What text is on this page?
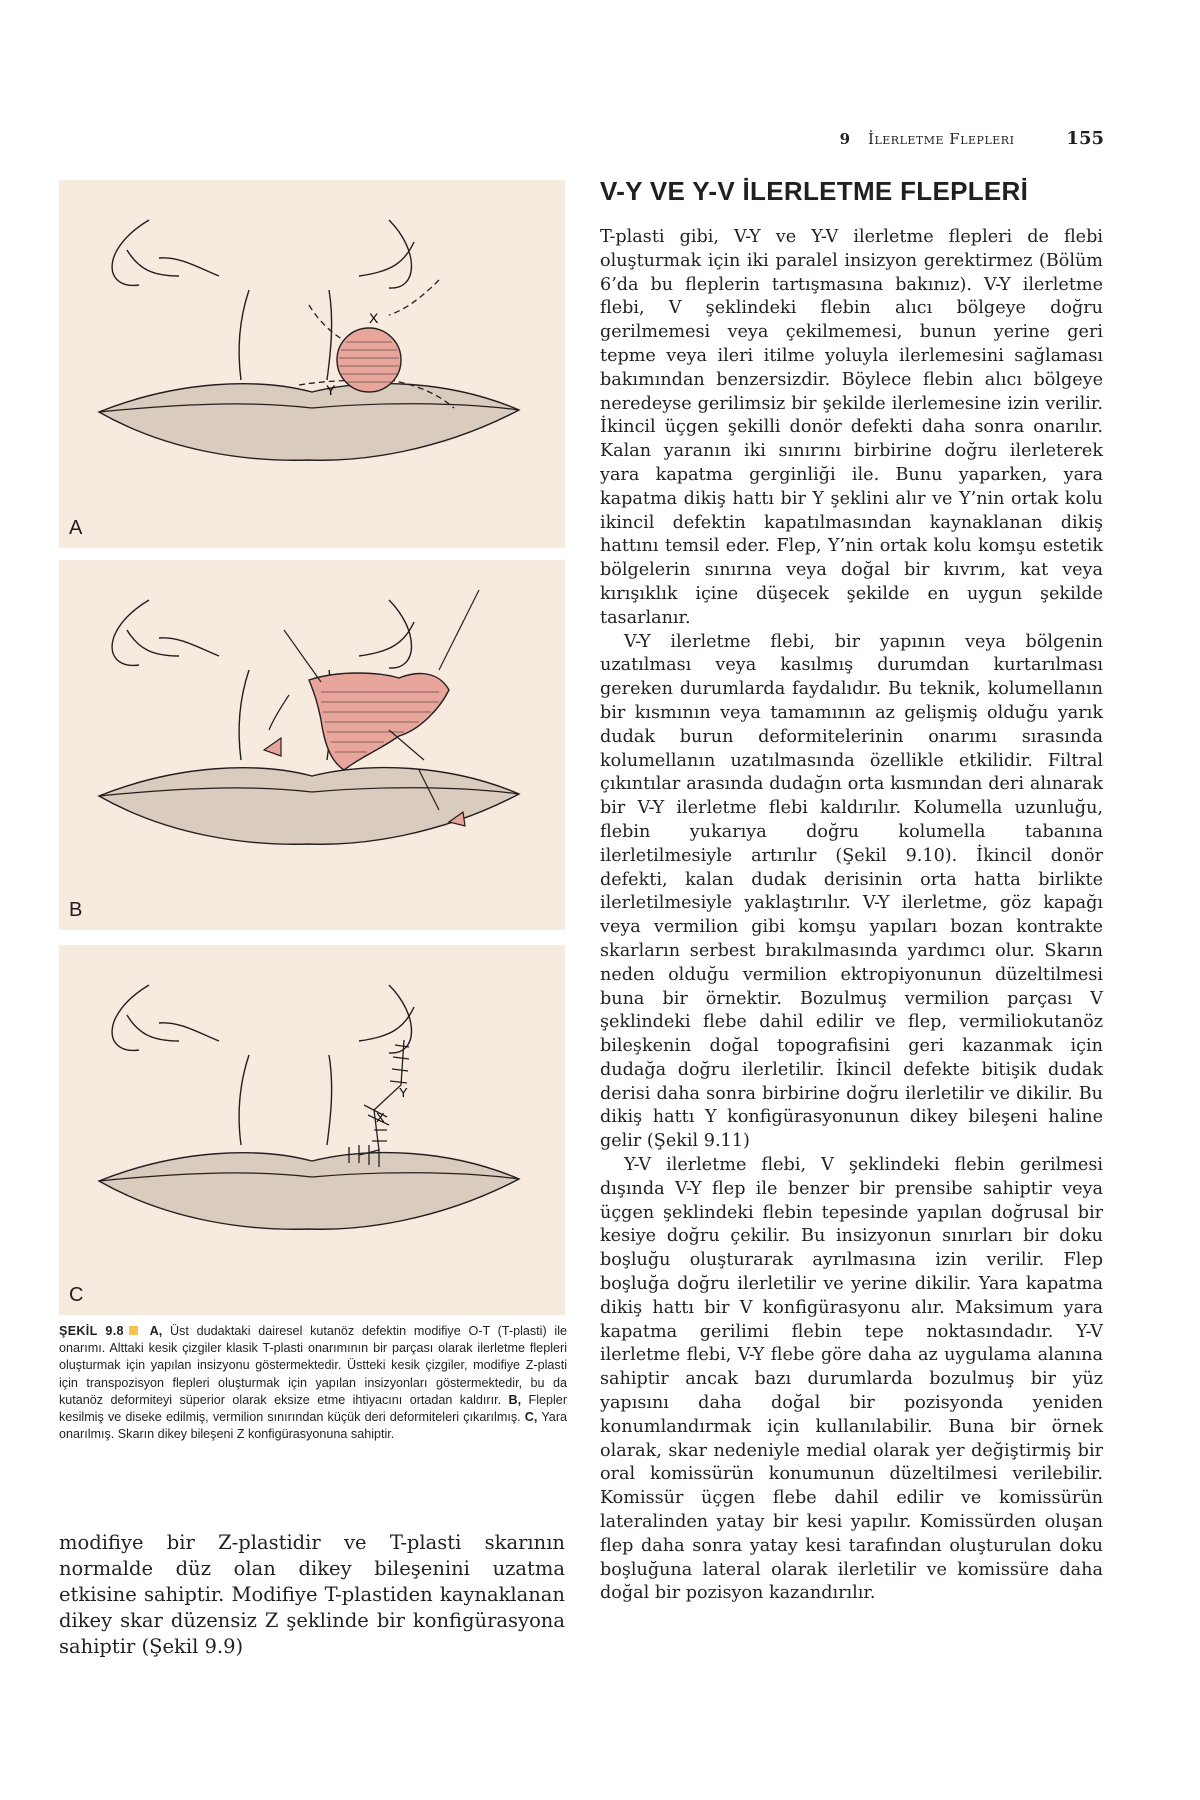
9 İlerletme Flepleri	155
X
Y
A
B
Y
X
C
ŞEKİL 9.8 A, Üst dudaktaki dairesel kutanöz defektin modifiye O-T (T-plasti) ile onarımı. Alttaki kesik çizgiler klasik T-plasti onarımının bir parçası olarak ilerletme flepleri oluşturmak için yapılan insizyonu göstermektedir. Üstteki kesik çizgiler, modifiye Z-plasti için transpozisyon flepleri oluşturmak için yapılan insizyonları göstermektedir, bu da kutanöz deformiteyi süperior olarak eksize etme ihtiyacını ortadan kaldırır. B, Flepler kesilmiş ve diseke edilmiş, vermilion sınırından küçük deri deformiteleri çıkarılmış. C, Yara onarılmış. Skarın dikey bileşeni Z konfigürasyonuna sahiptir.
modifiye bir Z-plastidir ve T-plasti skarının normalde düz olan dikey bileşenini uzatma etkisine sahiptir. Modifiye T-plastiden kaynaklanan dikey skar düzensiz Z şeklinde bir konfigürasyona sahiptir (Şekil 9.9)
V-Y VE Y-V İLERLETME FLEPLERİ

T-plasti gibi, V-Y ve Y-V ilerletme flepleri de flebi oluşturmak için iki paralel insizyon gerektirmez (Bölüm 6’da bu fleplerin tartışmasına bakınız). V-Y ilerletme flebi, V şeklindeki flebin alıcı bölgeye doğru gerilmemesi veya çekilmemesi, bunun yerine geri tepme veya ileri itilme yoluyla ilerlemesini sağlaması bakımından benzersizdir. Böylece flebin alıcı bölgeye neredeyse gerilimsiz bir şekilde ilerlemesine izin verilir. İkincil üçgen şekilli donör defekti daha sonra onarılır. Kalan yaranın iki sınırını birbirine doğru ilerleterek yara kapatma gerginliği ile. Bunu yaparken, yara kapatma dikiş hattı bir Y şeklini alır ve Y’nin ortak kolu ikincil defektin kapatılmasından kaynaklanan dikiş hattını temsil eder. Flep, Y’nin ortak kolu komşu estetik bölgelerin sınırına veya doğal bir kıvrım, kat veya kırışıklık içine düşecek şekilde en uygun şekilde tasarlanır.

V-Y ilerletme flebi, bir yapının veya bölgenin uzatılması veya kasılmış durumdan kurtarılması gereken durumlarda faydalıdır. Bu teknik, kolumellanın bir kısmının veya tamamının az gelişmiş olduğu yarık dudak burun deformitelerinin onarımı sırasında kolumellanın uzatılmasında özellikle etkilidir. Filtral çıkıntılar arasında dudağın orta kısmından deri alınarak bir V-Y ilerletme flebi kaldırılır. Kolumella uzunluğu, flebin yukarıya doğru kolumella tabanına ilerletilmesiyle artırılır (Şekil 9.10). İkincil donör defekti, kalan dudak derisinin orta hatta birlikte ilerletilmesiyle yaklaştırılır. V-Y ilerletme, göz kapağı veya vermilion gibi komşu yapıları bozan kontrakte skarların serbest bırakılmasında yardımcı olur. Skarın neden olduğu vermilion ektropiyonunun düzeltilmesi buna bir örnektir. Bozulmuş vermilion parçası V şeklindeki flebe dahil edilir ve flep, vermiliokutanöz bileşkenin doğal topografisini geri kazanmak için dudağa doğru ilerletilir. İkincil defekte bitişik dudak derisi daha sonra birbirine doğru ilerletilir ve dikilir. Bu dikiş hattı Y konfigürasyonunun dikey bileşeni haline gelir (Şekil 9.11)

Y-V ilerletme flebi, V şeklindeki flebin gerilmesi dışında V-Y flep ile benzer bir prensibe sahiptir veya üçgen şeklindeki flebin tepesinde yapılan doğrusal bir kesiye doğru çekilir. Bu insizyonun sınırları bir doku boşluğu oluşturarak ayrılmasına izin verilir. Flep boşluğa doğru ilerletilir ve yerine dikilir. Yara kapatma dikiş hattı bir V konfigürasyonu alır. Maksimum yara kapatma gerilimi flebin tepe noktasındadır. Y-V ilerletme flebi, V-Y flebe göre daha az uygulama alanına sahiptir ancak bazı durumlarda bozulmuş bir yüz yapısını daha doğal bir pozisyonda yeniden konumlandırmak için kullanılabilir. Buna bir örnek olarak, skar nedeniyle medial olarak yer değiştirmiş bir oral komissürün konumunun düzeltilmesi verilebilir. Komissür üçgen flebe dahil edilir ve komissürün lateralinden yatay bir kesi yapılır. Komissürden oluşan flep daha sonra yatay kesi tarafından oluşturulan doku boşluğuna lateral olarak ilerletilir ve komissüre daha doğal bir pozisyon kazandırılır.
